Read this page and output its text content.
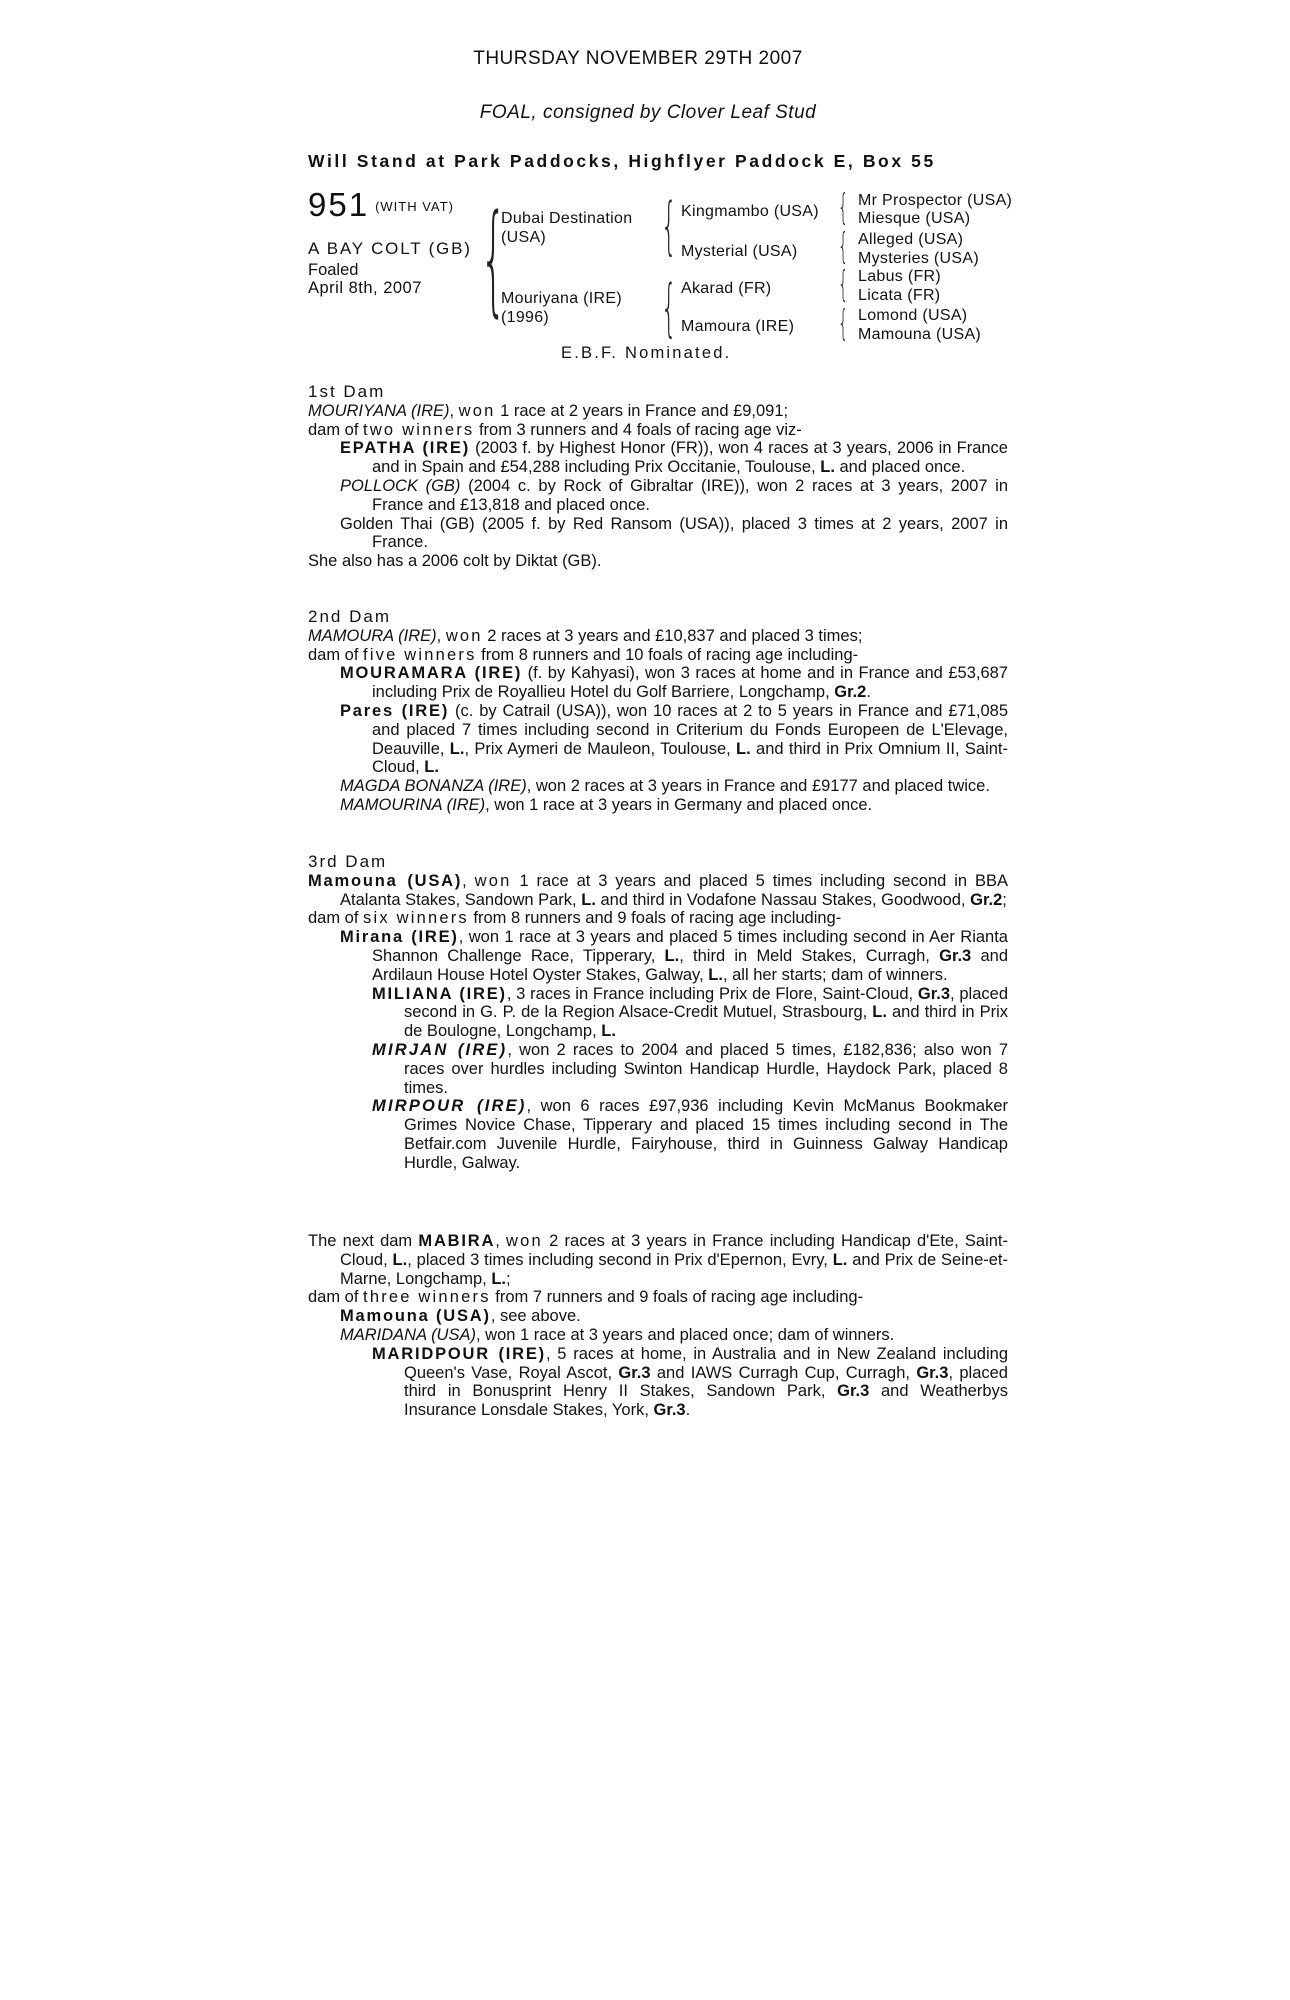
THURSDAY NOVEMBER 29TH 2007
FOAL, consigned by Clover Leaf Stud
Will Stand at Park Paddocks, Highflyer Paddock E, Box 55
951 $^{(WITH VAT)}$
A BAY COLT (GB)
Foaled
April 8th, 2007 {
Dubai Destination
(USA)
Mouriyana (IRE)
(1996)
{ Kingmambo (USA)
Mysterial (USA)
{ Akarad (FR)
Mamoura (IRE)
{ Mr Prospector (USA)
Miesque (USA)
{ Alleged (USA)
Mysteries (USA)
{ Labus (FR)
Licata (FR)
{ Lomond (USA)
Mamouna (USA)
E.B.F. Nominated.

1st Dam

MOURIYANA (IRE), won 1 race at 2 years in France and £9,091;

dam of two winners from 3 runners and 4 foals of racing age viz-

EPATHA (IRE) (2003 f. by Highest Honor (FR)), won 4 races at 3 years, 2006 in France and in Spain and £54,288 including Prix Occitanie, Toulouse, L. and placed once.

POLLOCK (GB) (2004 c. by Rock of Gibraltar (IRE)), won 2 races at 3 years, 2007 in France and £13,818 and placed once.

Golden Thai (GB) (2005 f. by Red Ransom (USA)), placed 3 times at 2 years, 2007 in France.

She also has a 2006 colt by Diktat (GB).

2nd Dam

MAMOURA (IRE), won 2 races at 3 years and £10,837 and placed 3 times;

dam of five winners from 8 runners and 10 foals of racing age including-

MOURAMARA (IRE) (f. by Kahyasi), won 3 races at home and in France and £53,687 including Prix de Royallieu Hotel du Golf Barriere, Longchamp, Gr.2.

Pares (IRE) (c. by Catrail (USA)), won 10 races at 2 to 5 years in France and £71,085 and placed 7 times including second in Criterium du Fonds Europeen de L'Elevage, Deauville, L., Prix Aymeri de Mauleon, Toulouse, L. and third in Prix Omnium II, Saint-Cloud, L.

MAGDA BONANZA (IRE), won 2 races at 3 years in France and £9177 and placed twice.

MAMOURINA (IRE), won 1 race at 3 years in Germany and placed once.

3rd Dam

Mamouna (USA), won 1 race at 3 years and placed 5 times including second in BBA Atalanta Stakes, Sandown Park, L. and third in Vodafone Nassau Stakes, Goodwood, Gr.2;

dam of six winners from 8 runners and 9 foals of racing age including-

Mirana (IRE), won 1 race at 3 years and placed 5 times including second in Aer Rianta Shannon Challenge Race, Tipperary, L., third in Meld Stakes, Curragh, Gr.3 and Ardilaun House Hotel Oyster Stakes, Galway, L., all her starts; dam of winners.

MILIANA (IRE), 3 races in France including Prix de Flore, Saint-Cloud, Gr.3, placed second in G. P. de la Region Alsace-Credit Mutuel, Strasbourg, L. and third in Prix de Boulogne, Longchamp, L.

MIRJAN (IRE), won 2 races to 2004 and placed 5 times, £182,836; also won 7 races over hurdles including Swinton Handicap Hurdle, Haydock Park, placed 8 times.

MIRPOUR (IRE), won 6 races £97,936 including Kevin McManus Bookmaker Grimes Novice Chase, Tipperary and placed 15 times including second in The Betfair.com Juvenile Hurdle, Fairyhouse, third in Guinness Galway Handicap Hurdle, Galway.

The next dam MABIRA, won 2 races at 3 years in France including Handicap d'Ete, Saint-Cloud, L., placed 3 times including second in Prix d'Epernon, Evry, L. and Prix de Seine-et-Marne, Longchamp, L.;

dam of three winners from 7 runners and 9 foals of racing age including-

Mamouna (USA), see above.

MARIDANA (USA), won 1 race at 3 years and placed once; dam of winners.

MARIDPOUR (IRE), 5 races at home, in Australia and in New Zealand including Queen's Vase, Royal Ascot, Gr.3 and IAWS Curragh Cup, Curragh, Gr.3, placed third in Bonusprint Henry II Stakes, Sandown Park, Gr.3 and Weatherbys Insurance Lonsdale Stakes, York, Gr.3.
